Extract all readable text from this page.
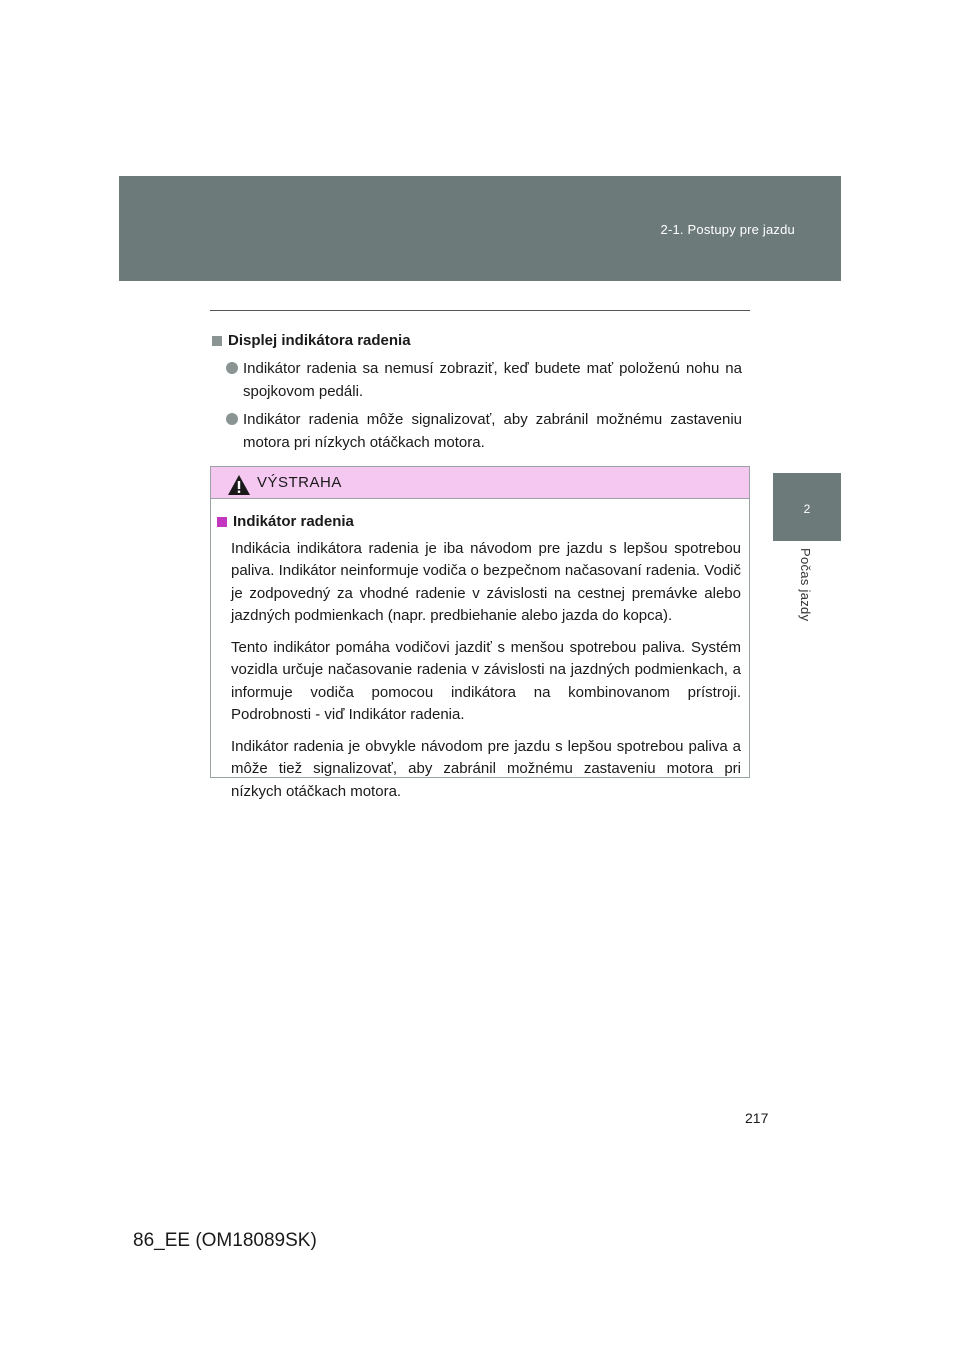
2-1. Postupy pre jazdu
2
Počas jazdy
Displej indikátora radenia
Indikátor radenia sa nemusí zobraziť, keď budete mať položenú nohu na spojkovom pedáli.
Indikátor radenia môže signalizovať, aby zabránil možnému zastaveniu motora pri nízkych otáčkach motora.
VÝSTRAHA
Indikátor radenia

Indikácia indikátora radenia je iba návodom pre jazdu s lepšou spotrebou paliva. Indikátor neinformuje vodiča o bezpečnom načasovaní radenia. Vodič je zodpovedný za vhodné radenie v závislosti na cestnej premávke alebo jazdných podmienkach (napr. predbiehanie alebo jazda do kopca).

Tento indikátor pomáha vodičovi jazdiť s menšou spotrebou paliva. Systém vozidla určuje načasovanie radenia v závislosti na jazdných podmienkach, a informuje vodiča pomocou indikátora na kombinovanom prístroji. Podrobnosti - viď Indikátor radenia.

Indikátor radenia je obvykle návodom pre jazdu s lepšou spotrebou paliva a môže tiež signalizovať, aby zabránil možnému zastaveniu motora pri nízkych otáčkach motora.

217
86_EE (OM18089SK)
